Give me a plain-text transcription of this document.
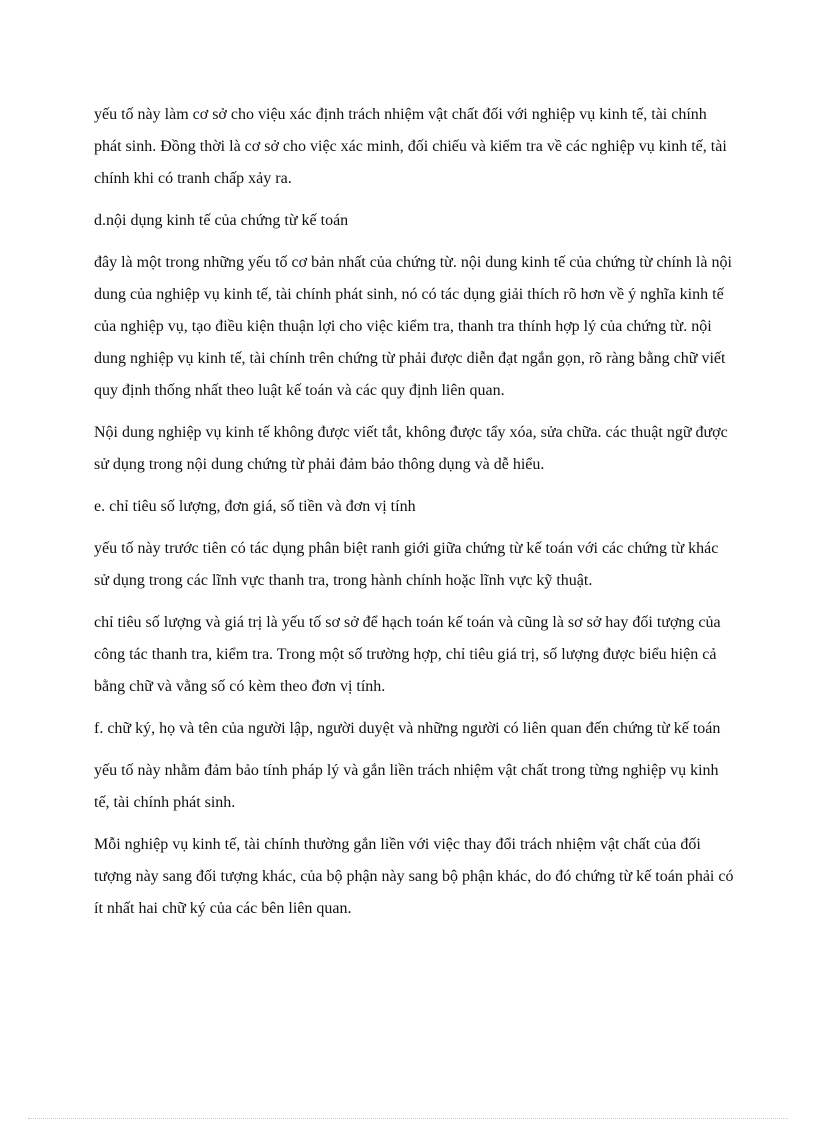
yếu tố này làm cơ sở cho việu xác định trách nhiệm vật chất đối với nghiệp vụ kinh tế, tài chính phát sinh. Đồng thời là cơ sở cho việc xác minh, đối chiếu và kiểm tra về các nghiệp vụ kinh tế, tài chính khi có tranh chấp xảy ra.

d.nội dụng kinh tế của chứng từ kế toán

đây là một trong những yếu tố cơ bản nhất của chứng từ. nội dung kinh tế của chứng từ chính là nội dung của nghiệp vụ kinh tế, tài chính phát sinh, nó có tác dụng giải thích rõ hơn về ý nghĩa kinh tế của nghiệp vụ, tạo điều kiện thuận lợi cho việc kiểm tra, thanh tra thính hợp lý của chứng từ. nội dung nghiệp vụ kinh tế, tài chính trên chứng từ phải được diễn đạt ngắn gọn, rõ ràng bằng chữ viết quy định thống nhất theo luật kế toán và các quy định liên quan.

Nội dung nghiệp vụ kinh tế không được viết tắt, không được tẩy xóa, sửa chữa. các thuật ngữ được sử dụng trong nội dung chứng từ phải đảm bảo thông dụng và dễ hiểu.

e. chỉ tiêu số lượng, đơn giá, số tiền và đơn vị tính

yếu tố này trước tiên có tác dụng phân biệt ranh giới giữa chứng từ kế toán với các chứng từ khác sử dụng trong các lĩnh vực thanh tra, trong hành chính hoặc lĩnh vực kỹ thuật.

chỉ tiêu số lượng và giá trị là yếu tố sơ sở để hạch toán kế toán và cũng là sơ sở hay đối tượng của công tác thanh tra, kiểm tra. Trong một số trường hợp, chỉ tiêu giá trị, số lượng được biểu hiện cả bằng chữ và vằng số có kèm theo đơn vị tính.

f. chữ ký, họ và tên của người lập, người duyệt và những người có liên quan đến chứng từ kế toán

yếu tố này nhằm đảm bảo tính pháp lý và gắn liền trách nhiệm vật chất trong từng nghiệp vụ kinh tế, tài chính phát sinh.

Mỗi nghiệp vụ kinh tế, tài chính thường gắn liền với việc thay đổi trách nhiệm vật chất của đối tượng này sang đối tượng khác, của bộ phận này sang bộ phận khác, do đó chứng từ kế toán phải có ít nhất hai chữ ký của các bên liên quan.
